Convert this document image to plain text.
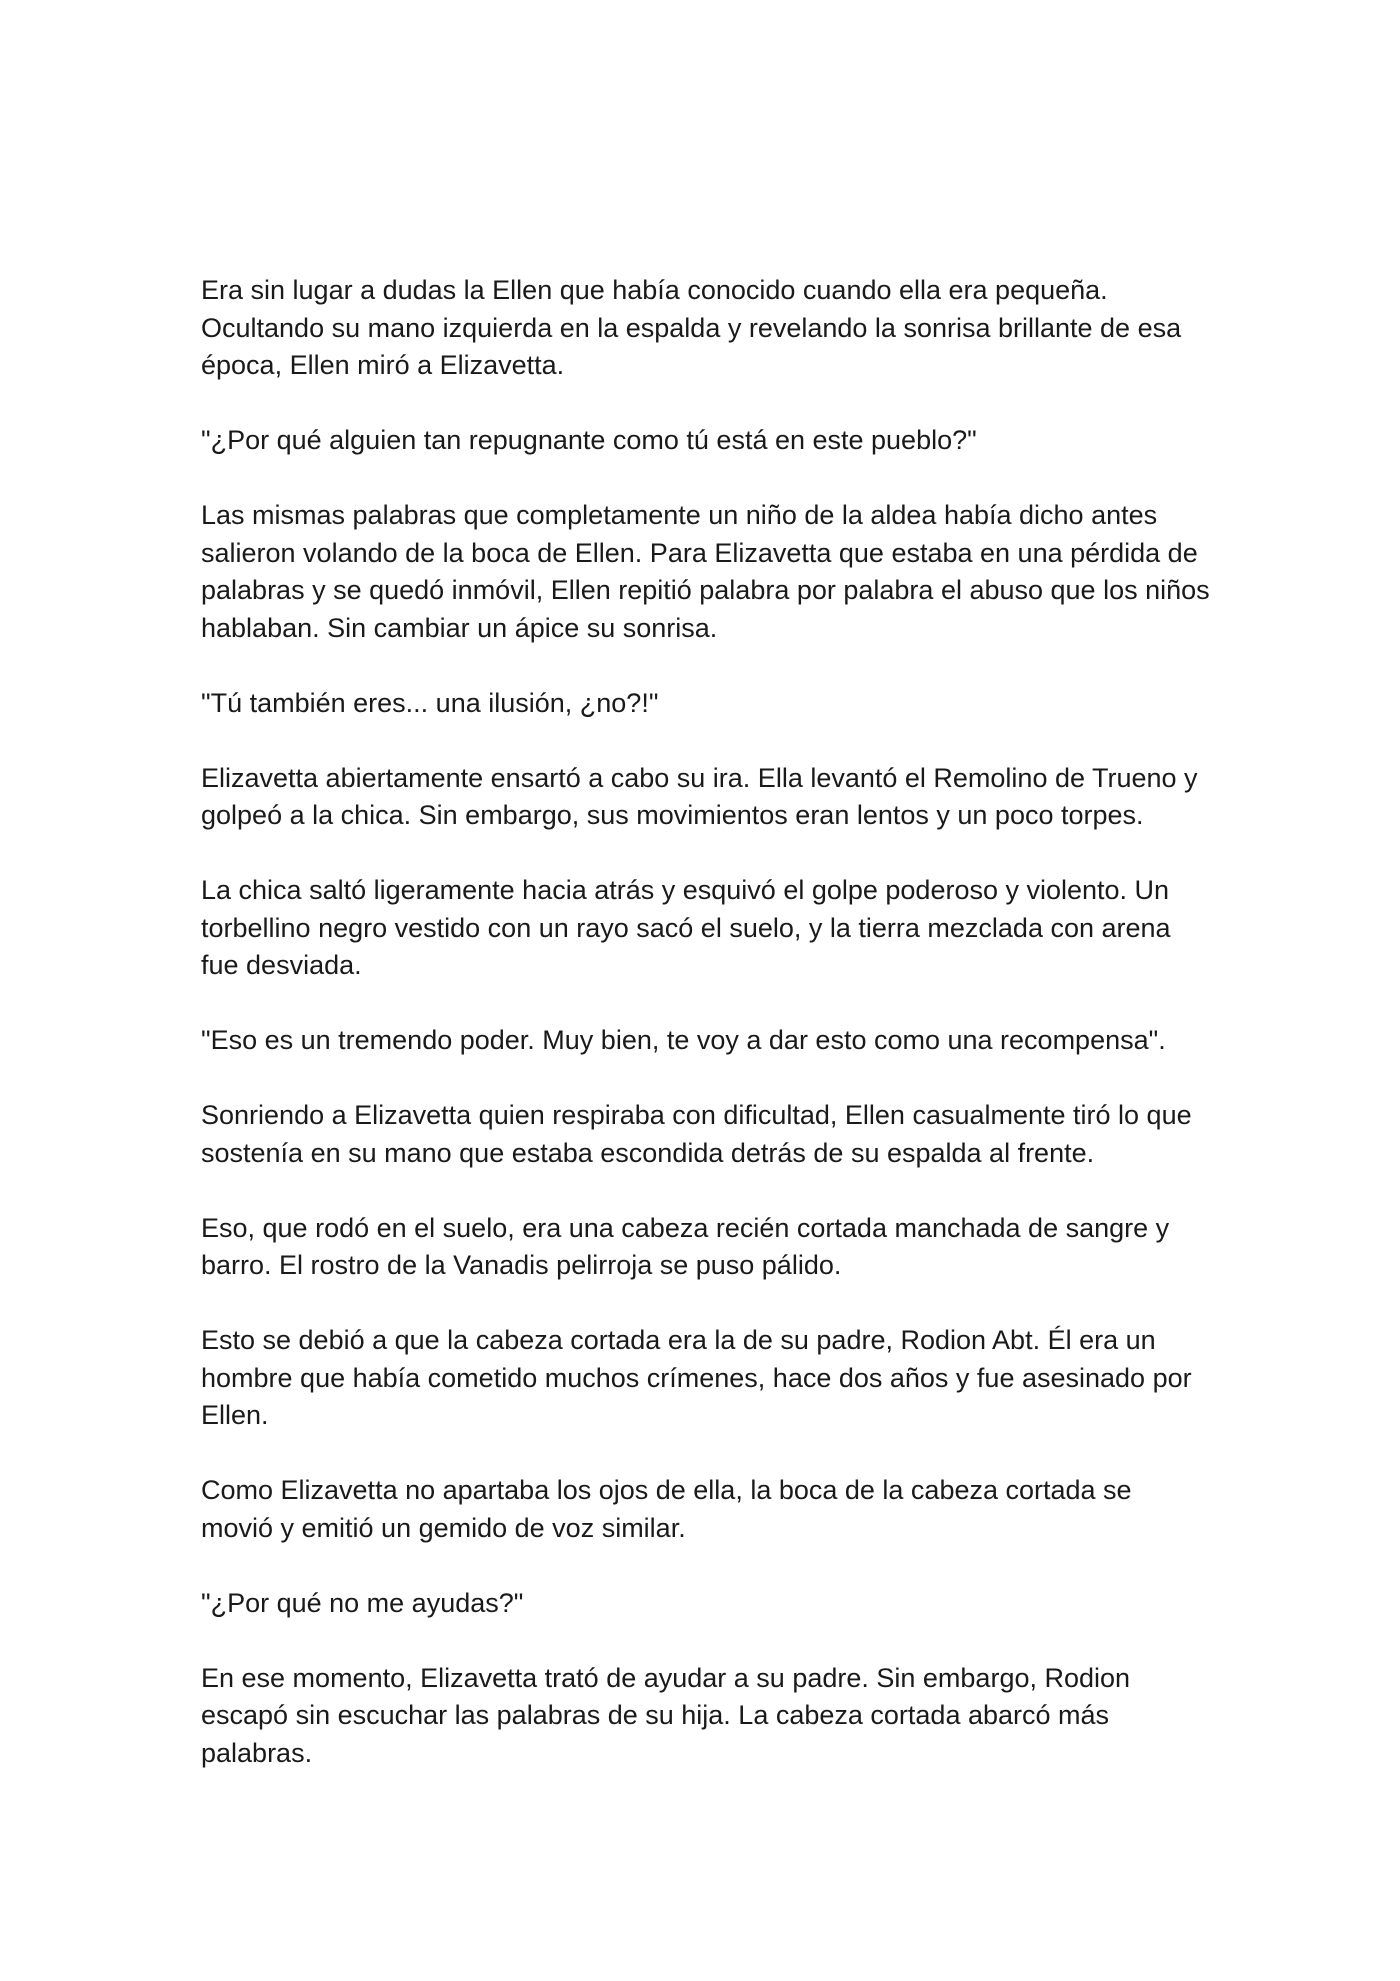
Era sin lugar a dudas la Ellen que había conocido cuando ella era pequeña. Ocultando su mano izquierda en la espalda y revelando la sonrisa brillante de esa época, Ellen miró a Elizavetta.

"¿Por qué alguien tan repugnante como tú está en este pueblo?"

Las mismas palabras que completamente un niño de la aldea había dicho antes salieron volando de la boca de Ellen. Para Elizavetta que estaba en una pérdida de palabras y se quedó inmóvil, Ellen repitió palabra por palabra el abuso que los niños hablaban. Sin cambiar un ápice su sonrisa.

"Tú también eres... una ilusión, ¿no?!"

Elizavetta abiertamente ensartó a cabo su ira. Ella levantó el Remolino de Trueno y golpeó a la chica. Sin embargo, sus movimientos eran lentos y un poco torpes.

La chica saltó ligeramente hacia atrás y esquivó el golpe poderoso y violento. Un torbellino negro vestido con un rayo sacó el suelo, y la tierra mezclada con arena fue desviada.

"Eso es un tremendo poder. Muy bien, te voy a dar esto como una recompensa".

Sonriendo a Elizavetta quien respiraba con dificultad, Ellen casualmente tiró lo que sostenía en su mano que estaba escondida detrás de su espalda al frente.

Eso, que rodó en el suelo, era una cabeza recién cortada manchada de sangre y barro. El rostro de la Vanadis pelirroja se puso pálido.

Esto se debió a que la cabeza cortada era la de su padre, Rodion Abt. Él era un hombre que había cometido muchos crímenes, hace dos años y fue asesinado por Ellen.

Como Elizavetta no apartaba los ojos de ella, la boca de la cabeza cortada se movió y emitió un gemido de voz similar.

"¿Por qué no me ayudas?"

En ese momento, Elizavetta trató de ayudar a su padre. Sin embargo, Rodion escapó sin escuchar las palabras de su hija. La cabeza cortada abarcó más palabras.
